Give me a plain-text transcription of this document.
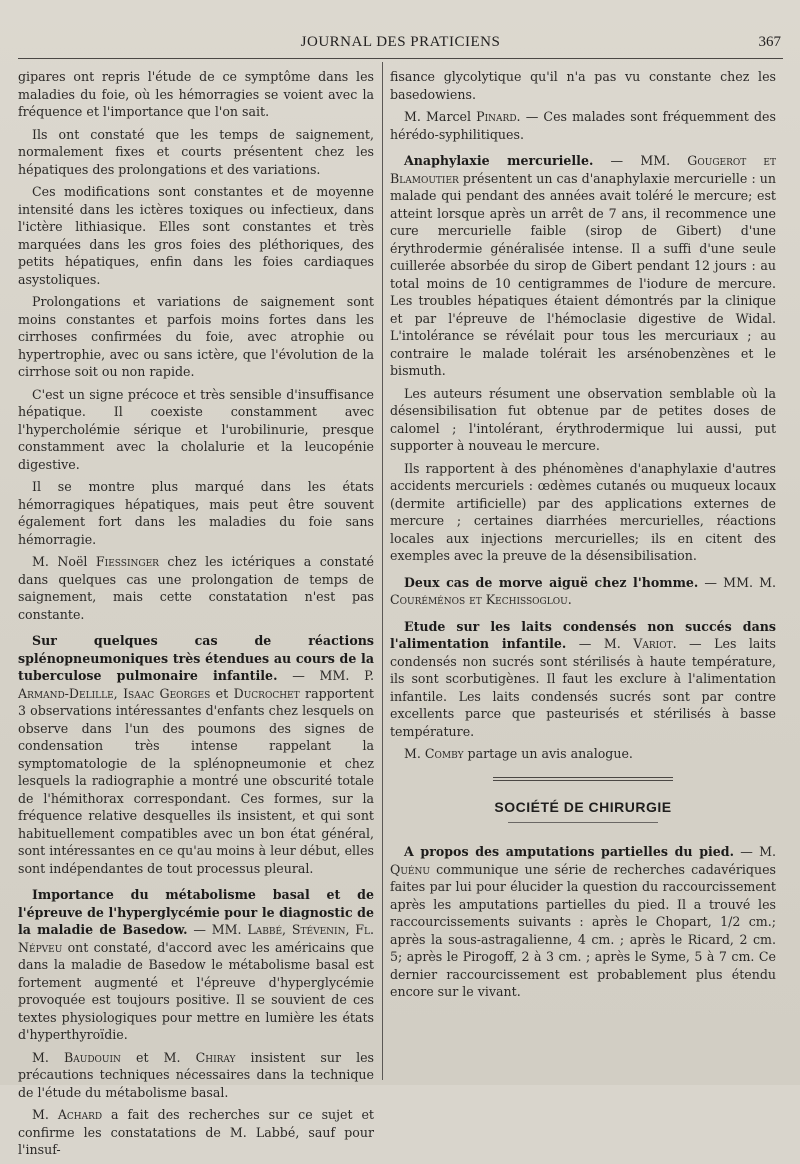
JOURNAL DES PRATICIENS	367

gipares ont repris l'étude de ce symptôme dans les maladies du foie, où les hémorragies se voient avec la fréquence et l'importance que l'on sait.

Ils ont constaté que les temps de saignement, normalement fixes et courts présentent chez les hépatiques des prolongations et des variations.

Ces modifications sont constantes et de moyenne intensité dans les ictères toxiques ou infectieux, dans l'ictère lithiasique. Elles sont constantes et très marquées dans les gros foies des pléthoriques, des petits hépatiques, enfin dans les foies cardiaques asystoliques.

Prolongations et variations de saignement sont moins constantes et parfois moins fortes dans les cirrhoses confirmées du foie, avec atrophie ou hypertrophie, avec ou sans ictère, que l'évolution de la cirrhose soit ou non rapide.

C'est un signe précoce et très sensible d'insuffisance hépatique. Il coexiste constamment avec l'hypercholémie sérique et l'urobilinurie, presque constamment avec la cholalurie et la leucopénie digestive.

Il se montre plus marqué dans les états hémorragiques hépatiques, mais peut être souvent également fort dans les maladies du foie sans hémorragie.

M. Noël Fiessinger chez les ictériques a constaté dans quelques cas une prolongation de temps de saignement, mais cette constatation n'est pas constante.

Sur quelques cas de réactions splénopneumoniques très étendues au cours de la tuberculose pulmonaire infantile. — MM. P. Armand-Delille, Isaac Georges et Ducrochet rapportent 3 observations intéressantes d'enfants chez lesquels on observe dans l'un des poumons des signes de condensation très intense rappelant la symptomatologie de la splénopneumonie et chez lesquels la radiographie a montré une obscurité totale de l'hémithorax correspondant. Ces formes, sur la fréquence relative desquelles ils insistent, et qui sont habituellement compatibles avec un bon état général, sont intéressantes en ce qu'au moins à leur début, elles sont indépendantes de tout processus pleural.

Importance du métabolisme basal et de l'épreuve de l'hyperglycémie pour le diagnostic de la maladie de Basedow. — MM. Labbé, Stévenin, Fl. Népveu ont constaté, d'accord avec les américains que dans la maladie de Basedow le métabolisme basal est fortement augmenté et l'épreuve d'hyperglycémie provoquée est toujours positive. Il se souvient de ces textes physiologiques pour mettre en lumière les états d'hyperthyroïdie.

M. Baudouin et M. Chiray insistent sur les précautions techniques nécessaires dans la technique de l'étude du métabolisme basal.

M. Achard a fait des recherches sur ce sujet et confirme les constatations de M. Labbé, sauf pour l'insuf-

fisance glycolytique qu'il n'a pas vu constante chez les basedowiens.

M. Marcel Pinard. — Ces malades sont fréquemment des hérédo-syphilitiques.

Anaphylaxie mercurielle. — MM. Gougerot et Blamoutier présentent un cas d'anaphylaxie mercurielle : un malade qui pendant des années avait toléré le mercure; est atteint lorsque après un arrêt de 7 ans, il recommence une cure mercurielle faible (sirop de Gibert) d'une érythrodermie généralisée intense. Il a suffi d'une seule cuillerée absorbée du sirop de Gibert pendant 12 jours : au total moins de 10 centigrammes de l'iodure de mercure. Les troubles hépatiques étaient démontrés par la clinique et par l'épreuve de l'hémoclasie digestive de Widal. L'intolérance se révélait pour tous les mercuriaux ; au contraire le malade tolérait les arsénobenzènes et le bismuth.

Les auteurs résument une observation semblable où la désensibilisation fut obtenue par de petites doses de calomel ; l'intolérant, érythrodermique lui aussi, put supporter à nouveau le mercure.

Ils rapportent à des phénomènes d'anaphylaxie d'autres accidents mercuriels : œdèmes cutanés ou muqueux locaux (dermite artificielle) par des applications externes de mercure ; certaines diarrhées mercurielles, réactions locales aux injections mercurielles; ils en citent des exemples avec la preuve de la désensibilisation.

Deux cas de morve aiguë chez l'homme. — MM. M. Couréménos et Kechissoglou.

Etude sur les laits condensés non succés dans l'alimentation infantile. — M. Variot. — Les laits condensés non sucrés sont stérilisés à haute température, ils sont scorbutigènes. Il faut les exclure à l'alimentation infantile. Les laits condensés sucrés sont par contre excellents parce que pasteurisés et stérilisés à basse température.

M. Comby partage un avis analogue.

SOCIÉTÉ DE CHIRURGIE

A propos des amputations partielles du pied. — M. Quénu communique une série de recherches cadavériques faites par lui pour élucider la question du raccourcissement après les amputations partielles du pied. Il a trouvé les raccourcissements suivants : après le Chopart, 1/2 cm.; après la sous-astragalienne, 4 cm. ; après le Ricard, 2 cm. 5; après le Pirogoff, 2 à 3 cm. ; après le Syme, 5 à 7 cm. Ce dernier raccourcissement est probablement plus étendu encore sur le vivant.
